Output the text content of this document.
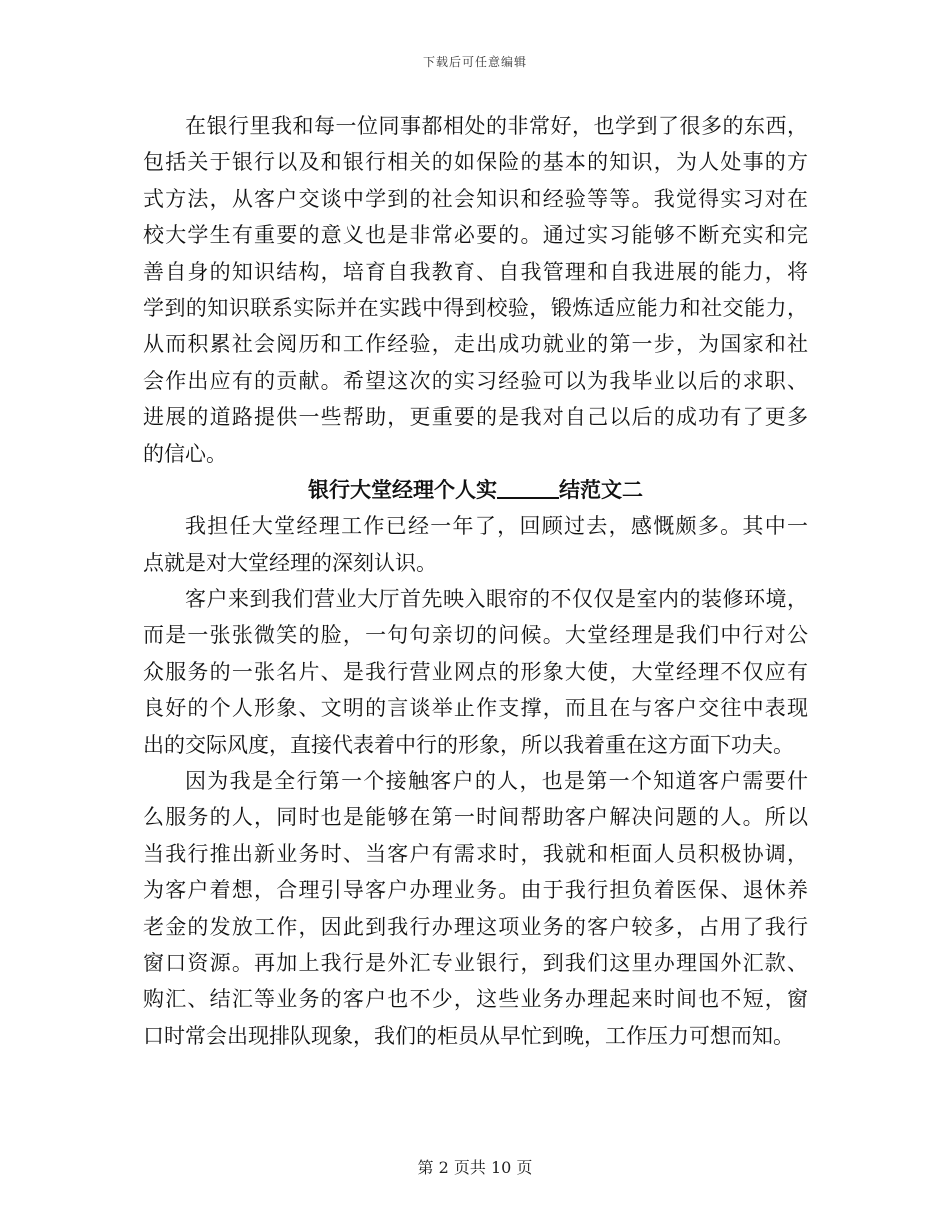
下载后可任意编辑
在银行里我和每一位同事都相处的非常好，也学到了很多的东西，
包括关于银行以及和银行相关的如保险的基本的知识，为人处事的方
式方法，从客户交谈中学到的社会知识和经验等等。我觉得实习对在
校大学生有重要的意义也是非常必要的。通过实习能够不断充实和完
善自身的知识结构，培育自我教育、自我管理和自我进展的能力，将
学到的知识联系实际并在实践中得到校验，锻炼适应能力和社交能力，
从而积累社会阅历和工作经验，走出成功就业的第一步，为国家和社
会作出应有的贡献。希望这次的实习经验可以为我毕业以后的求职、
进展的道路提供一些帮助，更重要的是我对自己以后的成功有了更多
的信心。
银行大堂经理个人实	结范文二
我担任大堂经理工作已经一年了，回顾过去，感慨颇多。其中一
点就是对大堂经理的深刻认识。
客户来到我们营业大厅首先映入眼帘的不仅仅是室内的装修环境，
而是一张张微笑的脸，一句句亲切的问候。大堂经理是我们中行对公
众服务的一张名片、是我行营业网点的形象大使，大堂经理不仅应有
良好的个人形象、文明的言谈举止作支撑，而且在与客户交往中表现
出的交际风度，直接代表着中行的形象，所以我着重在这方面下功夫。
因为我是全行第一个接触客户的人，也是第一个知道客户需要什
么服务的人，同时也是能够在第一时间帮助客户解决问题的人。所以
当我行推出新业务时、当客户有需求时，我就和柜面人员积极协调，
为客户着想，合理引导客户办理业务。由于我行担负着医保、退休养
老金的发放工作，因此到我行办理这项业务的客户较多，占用了我行
窗口资源。再加上我行是外汇专业银行，到我们这里办理国外汇款、
购汇、结汇等业务的客户也不少，这些业务办理起来时间也不短，窗
口时常会出现排队现象，我们的柜员从早忙到晚，工作压力可想而知。
第 2 页共 10 页
